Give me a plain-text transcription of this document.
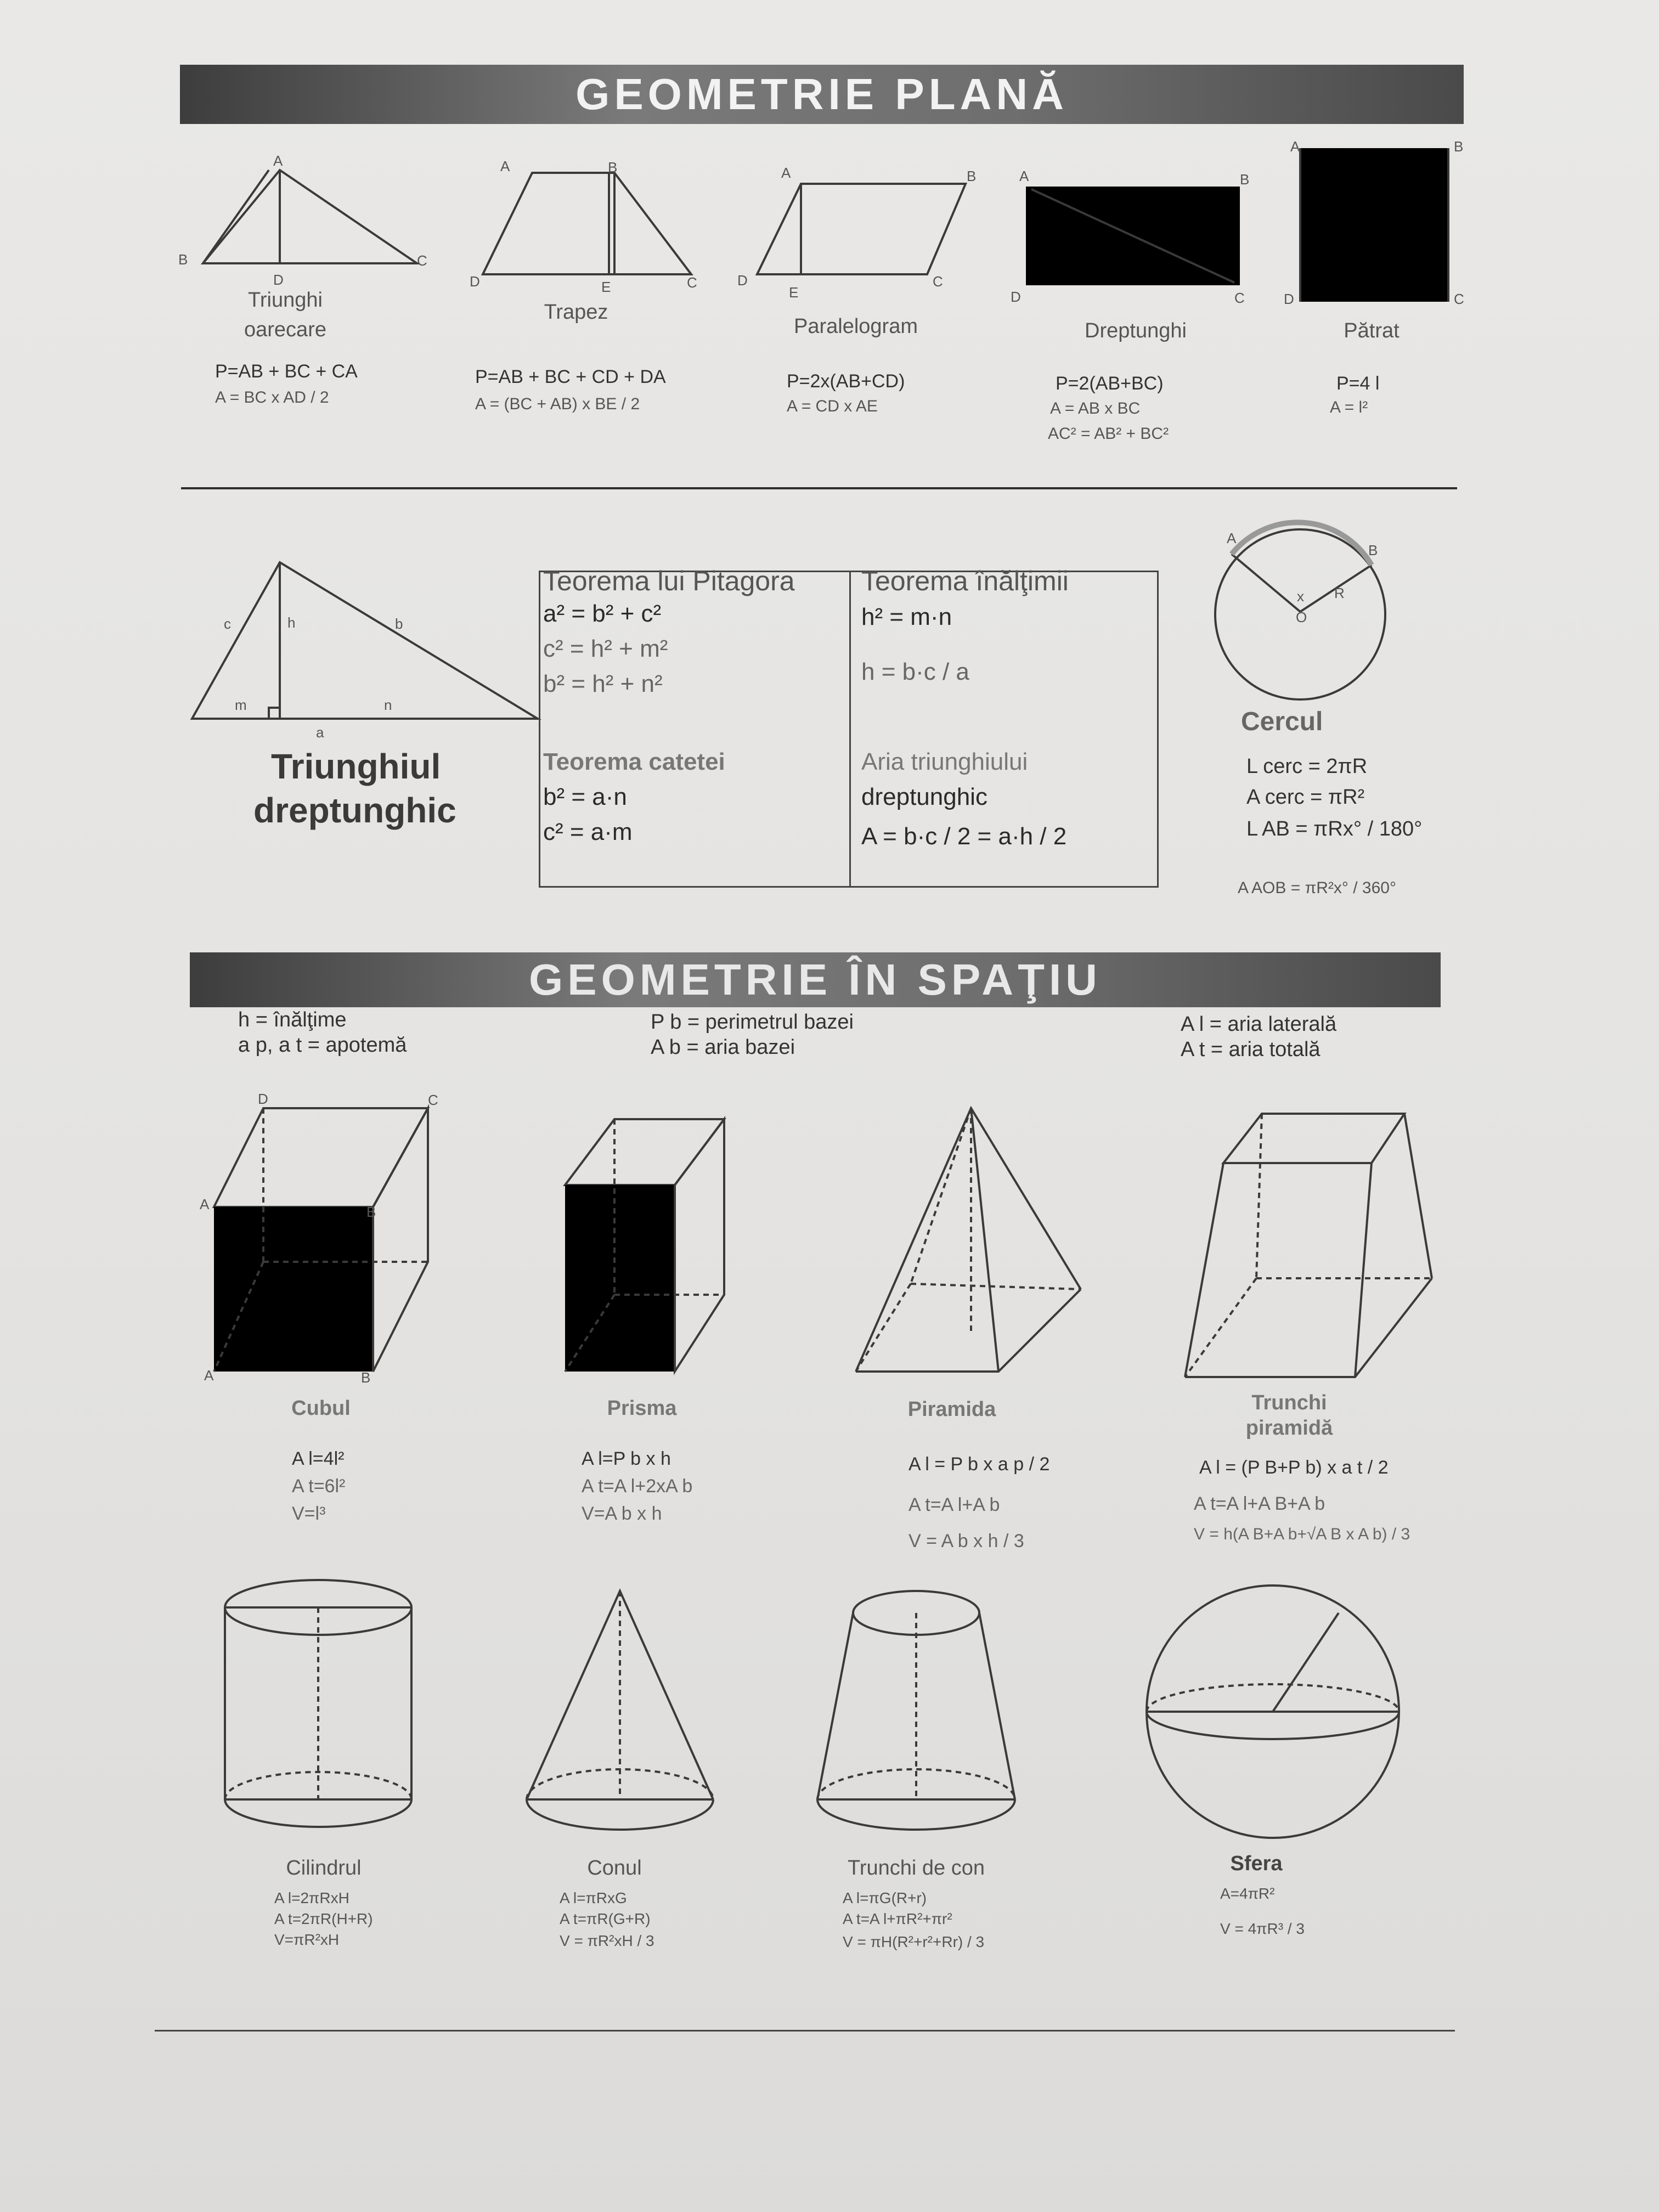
GEOMETRIE PLANĂ
A
B	C
D
A	B
C
D	E
A	B
C
D
E
A	B
C
D
A	B
C
D
Triunghi oarecare
Trapez
Paralelogram	Dreptunghi	Pătrat
P=AB + BC + CA
A = BC x AD / 2
P=AB + BC + CD + DA
A = (BC + AB) x BE / 2
P=2x(AB+CD)
A = CD x AE
P=2(AB+BC)
A = AB x BC
AC² = AB² + BC²
P=4 l
A = l²
c	h	b
m	n
a
Triunghiul
dreptunghic
Teorema lui Pitagora
a² = b² + c²
c² = h² + m²
b² = h² + n²
Teorema înălţimii
h² = m·n
h = b·c / a
Teorema catetei
b² = a·n
c² = a·m
Aria triunghiului
dreptunghic
A = b·c / 2 = a·h / 2
A
B
O
R
x
Cercul
L cerc = 2πR
A cerc = πR²
L AB = πRx° / 180°
A AOB = πR²x° / 360°
GEOMETRIE ÎN SPAŢIU
h = înălţime
a p, a t = apotemă
P b = perimetrul bazei
A b = aria bazei
A l = aria laterală
A t = aria totală
D	C
A	B
A	B
Cubul	Prisma	Piramida	Trunchi
piramidă
A l=4l²
A t=6l²
V=l³
A l=P b x h
A t=A l+2xA b
V=A b x h
A l = P b x a p / 2
A t=A l+A b
V = A b x h / 3
A l = (P B+P b) x a t / 2
A t=A l+A B+A b
V = h(A B+A b+√A B x A b) / 3
Cilindrul	Conul	Trunchi de con	Sfera
A l=2πRxH
A t=2πR(H+R)
V=πR²xH
A l=πRxG
A t=πR(G+R)
V = πR²xH / 3
A l=πG(R+r)
A t=A l+πR²+πr²
V = πH(R²+r²+Rr) / 3
A=4πR²
V = 4πR³ / 3
